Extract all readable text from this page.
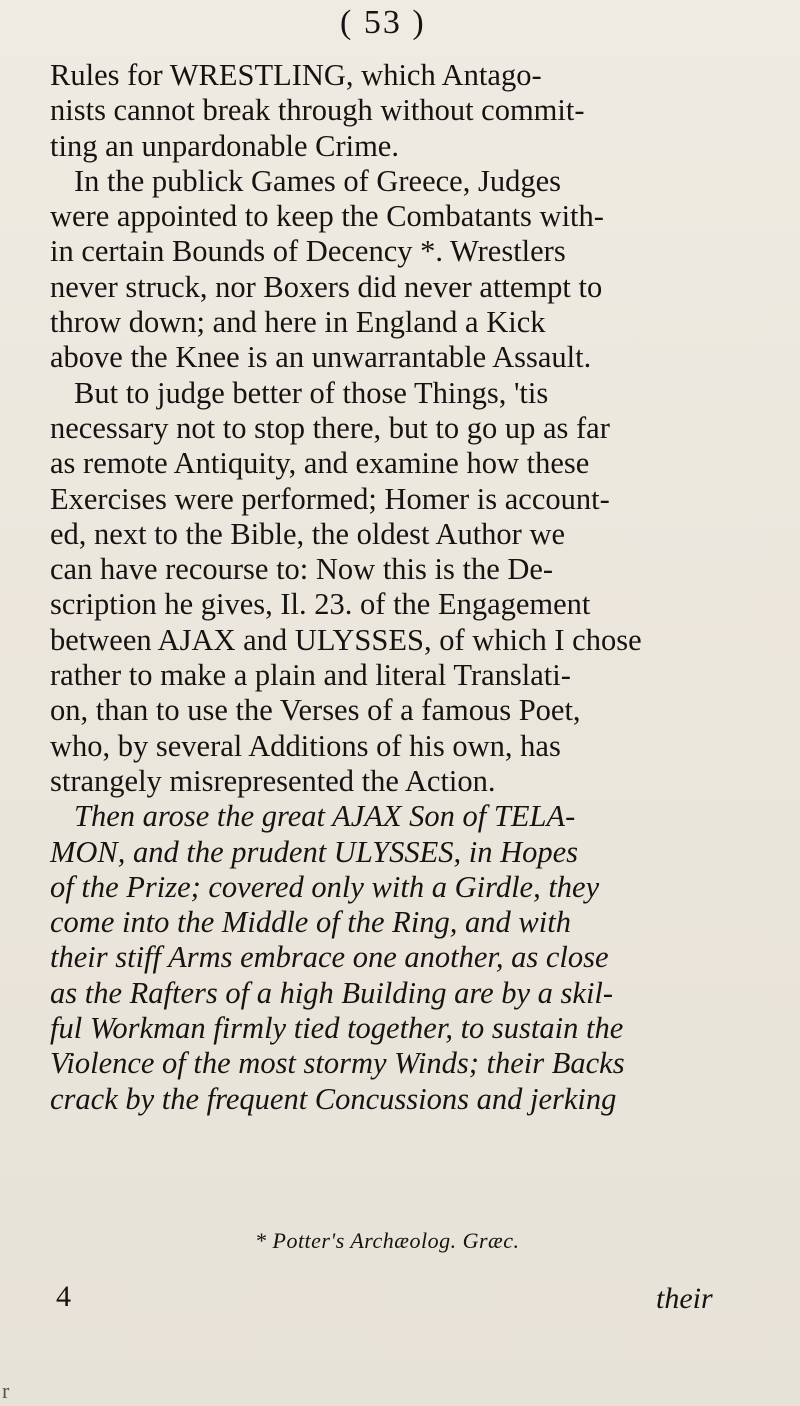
( 53 )
Rules for WRESTLING, which Antago-
nists cannot break through without commit-
ting an unpardonable Crime.
In the publick Games of Greece, Judges
were appointed to keep the Combatants with-
in certain Bounds of Decency *. Wrestlers
never struck, nor Boxers did never attempt to
throw down; and here in England a Kick
above the Knee is an unwarrantable Assault.
But to judge better of those Things, 'tis
necessary not to stop there, but to go up as far
as remote Antiquity, and examine how these
Exercises were performed; Homer is account-
ed, next to the Bible, the oldest Author we
can have recourse to: Now this is the De-
scription he gives, Il. 23. of the Engagement
between AJAX and ULYSSES, of which I chose
rather to make a plain and literal Translati-
on, than to use the Verses of a famous Poet,
who, by several Additions of his own, has
strangely misrepresented the Action.
Then arose the great AJAX Son of TELA-
MON, and the prudent ULYSSES, in Hopes
of the Prize; covered only with a Girdle, they
come into the Middle of the Ring, and with
their stiff Arms embrace one another, as close
as the Rafters of a high Building are by a skil-
ful Workman firmly tied together, to sustain the
Violence of the most stormy Winds; their Backs
crack by the frequent Concussions and jerking
* Potter's Archæolog. Græc.
4	their
r
